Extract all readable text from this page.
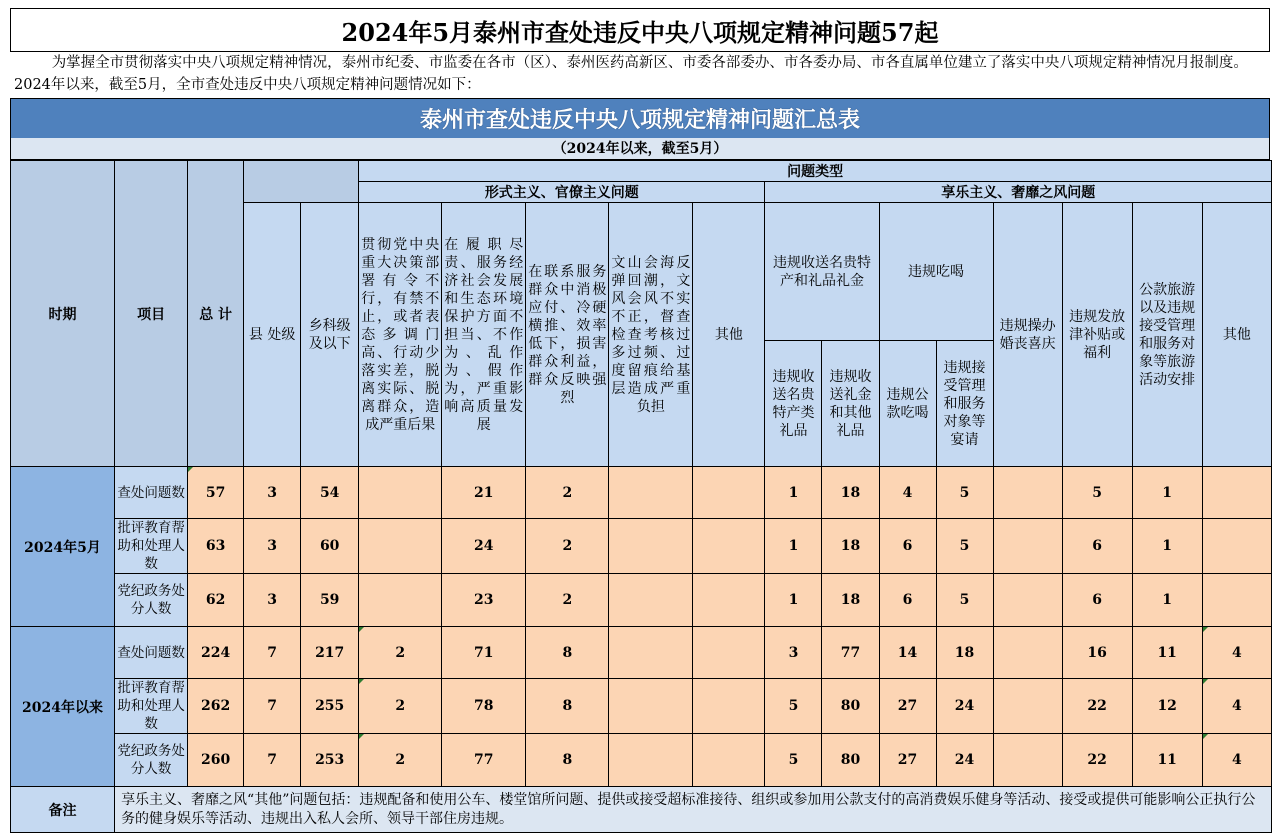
2024年5月泰州市查处违反中央八项规定精神问题57起
为掌握全市贯彻落实中央八项规定精神情况，泰州市纪委、市监委在各市（区）、泰州医药高新区、市委各部委办、市各委办局、市各直属单位建立了落实中央八项规定精神情况月报制度。2024年以来，截至5月，全市查处违反中央八项规定精神问题情况如下：
泰州市查处违反中央八项规定精神问题汇总表
（2024年以来，截至5月）
时期	项目	总 计			问题类型												
					形式主义、官僚主义问题					享乐主义、奢靡之风问题							
			县 处级	乡科级及以下	贯彻党中央重大决策部署有令不行，有禁不止，或者表态多调门高、行动少落实差，脱离实际、脱离群众，造成严重后果	在履职尽责、服务经济社会发展和生态环境保护方面不担当、不作为、乱作为、假作为，严重影响高质量发展	在联系服务群众中消极应付、冷硬横推、效率低下，损害群众利益，群众反映强烈	文山会海反弹回潮，文风会风不实不正，督查检查考核过多过频、过度留痕给基层造成严重负担	其他	违规收送名贵特产和礼品礼金		违规吃喝		违规操办婚丧喜庆	违规发放津补贴或福利	公款旅游以及违规接受管理和服务对象等旅游活动安排	其他
										违规收送名贵特产类礼品	违规收送礼金和其他礼品	违规公款吃喝	违规接受管理和服务对象等宴请				

2024年5月	查处问题数	57	3	54		21	2			1	18	4	5		5	1	
	批评教育帮助和处理人数	63	3	60		24	2			1	18	6	5		6	1	
	党纪政务处分人数	62	3	59		23	2			1	18	6	5		6	1	
2024年以来	查处问题数	224	7	217	2	71	8			3	77	14	18		16	11	4
	批评教育帮助和处理人数	262	7	255	2	78	8			5	80	27	24		22	12	4
	党纪政务处分人数	260	7	253	2	77	8			5	80	27	24		22	11	4
备注	享乐主义、奢靡之风“其他”问题包括：违规配备和使用公车、楼堂馆所问题、提供或接受超标准接待、组织或参加用公款支付的高消费娱乐健身等活动、接受或提供可能影响公正执行公务的健身娱乐等活动、违规出入私人会所、领导干部住房违规。																
